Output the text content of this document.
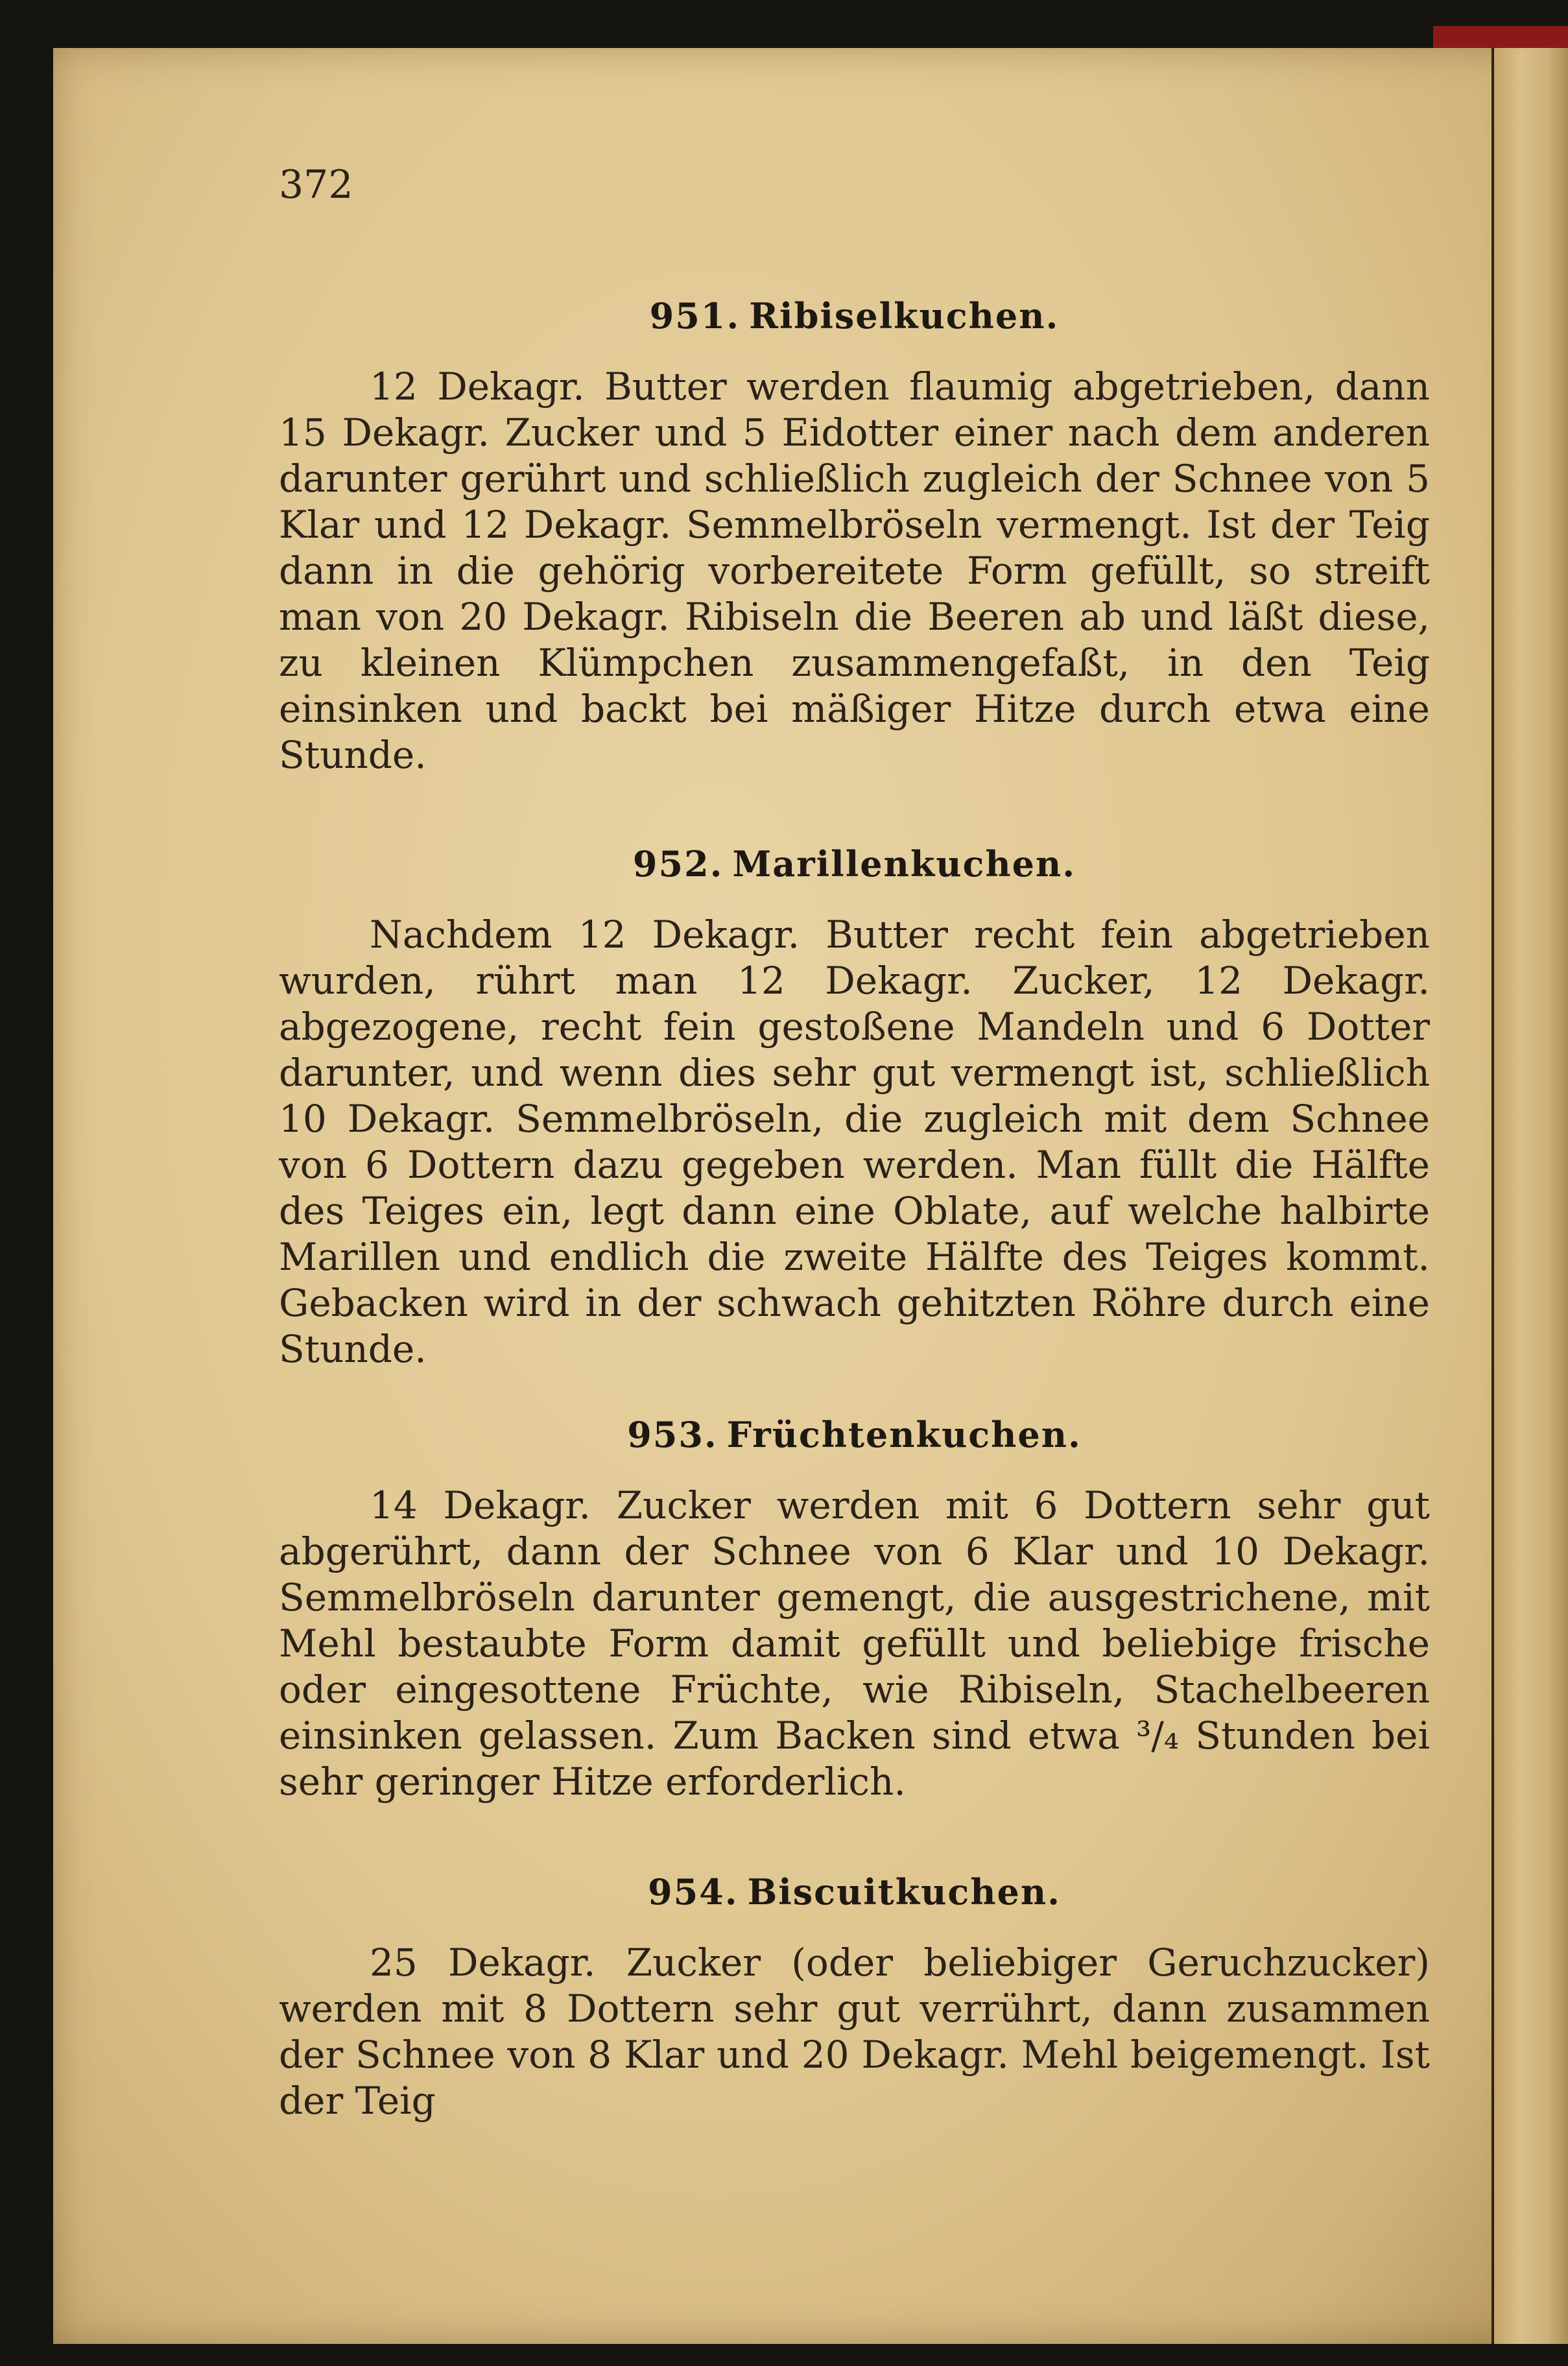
372

951. Ribiselkuchen.

12 Dekagr. Butter werden flaumig abgetrieben, dann 15 Dekagr. Zucker und 5 Eidotter einer nach dem anderen darunter gerührt und schließlich zugleich der Schnee von 5 Klar und 12 Dekagr. Semmelbröseln vermengt. Ist der Teig dann in die gehörig vorbereitete Form gefüllt, so streift man von 20 Dekagr. Ribiseln die Beeren ab und läßt diese, zu kleinen Klümpchen zusammengefaßt, in den Teig einsinken und backt bei mäßiger Hitze durch etwa eine Stunde.

952. Marillenkuchen.

Nachdem 12 Dekagr. Butter recht fein abgetrieben wurden, rührt man 12 Dekagr. Zucker, 12 Dekagr. abgezogene, recht fein gestoßene Mandeln und 6 Dotter darunter, und wenn dies sehr gut vermengt ist, schließlich 10 Dekagr. Semmelbröseln, die zugleich mit dem Schnee von 6 Dottern dazu gegeben werden. Man füllt die Hälfte des Teiges ein, legt dann eine Oblate, auf welche halbirte Marillen und endlich die zweite Hälfte des Teiges kommt. Gebacken wird in der schwach gehitzten Röhre durch eine Stunde.

953. Früchtenkuchen.

14 Dekagr. Zucker werden mit 6 Dottern sehr gut abgerührt, dann der Schnee von 6 Klar und 10 Dekagr. Semmelbröseln darunter gemengt, die ausgestrichene, mit Mehl bestaubte Form damit gefüllt und beliebige frische oder eingesottene Früchte, wie Ribiseln, Stachelbeeren einsinken gelassen. Zum Backen sind etwa ³/₄ Stunden bei sehr geringer Hitze erforderlich.

954. Biscuitkuchen.

25 Dekagr. Zucker (oder beliebiger Geruchzucker) werden mit 8 Dottern sehr gut verrührt, dann zusammen der Schnee von 8 Klar und 20 Dekagr. Mehl beigemengt. Ist der Teig
